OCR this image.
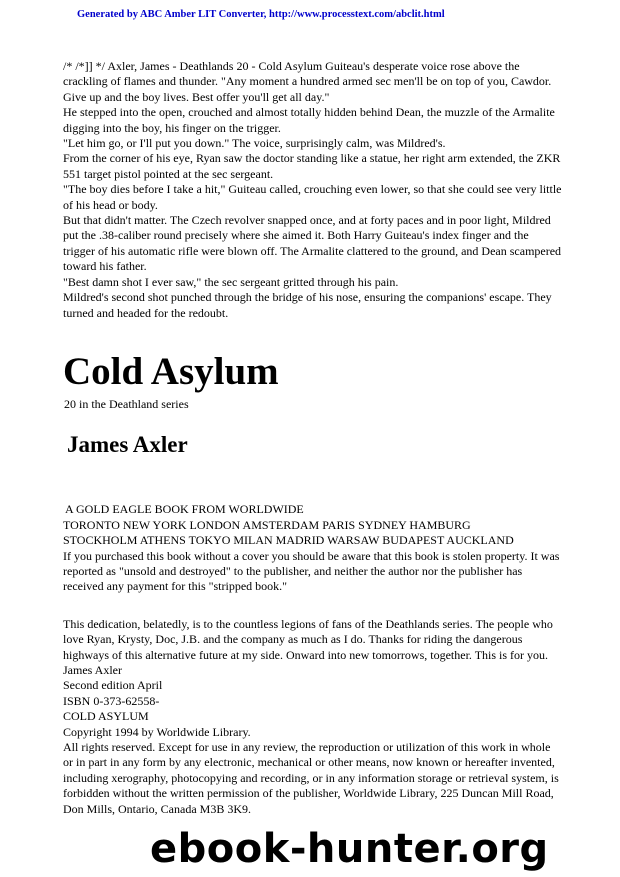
Generated by ABC Amber LIT Converter, http://www.processtext.com/abclit.html

/* /*]] */ Axler, James - Deathlands 20 - Cold Asylum Guiteau's desperate voice rose above the crackling of flames and thunder. "Any moment a hundred armed sec men'll be on top of you, Cawdor. Give up and the boy lives. Best offer you'll get all day."

He stepped into the open, crouched and almost totally hidden behind Dean, the muzzle of the Armalite digging into the boy, his finger on the trigger.

"Let him go, or I'll put you down." The voice, surprisingly calm, was Mildred's.

From the corner of his eye, Ryan saw the doctor standing like a statue, her right arm extended, the ZKR 551 target pistol pointed at the sec sergeant.

"The boy dies before I take a hit," Guiteau called, crouching even lower, so that she could see very little of his head or body.

But that didn't matter. The Czech revolver snapped once, and at forty paces and in poor light, Mildred put the .38-caliber round precisely where she aimed it. Both Harry Guiteau's index finger and the trigger of his automatic rifle were blown off. The Armalite clattered to the ground, and Dean scampered toward his father.

"Best damn shot I ever saw," the sec sergeant gritted through his pain.

Mildred's second shot punched through the bridge of his nose, ensuring the companions' escape. They turned and headed for the redoubt.

Cold Asylum

20 in the Deathland series

James Axler

A GOLD EAGLE BOOK FROM WORLDWIDE

TORONTO NEW YORK LONDON AMSTERDAM PARIS SYDNEY HAMBURG

STOCKHOLM ATHENS TOKYO MILAN MADRID WARSAW BUDAPEST AUCKLAND

If you purchased this book without a cover you should be aware that this book is stolen property. It was reported as "unsold and destroyed" to the publisher, and neither the author nor the publisher has received any payment for this "stripped book."

This dedication, belatedly, is to the countless legions of fans of the Deathlands series. The people who love Ryan, Krysty, Doc, J.B. and the company as much as I do. Thanks for riding the dangerous highways of this alternative future at my side. Onward into new tomorrows, together. This is for you.

James Axler

Second edition April

ISBN 0-373-62558-

COLD ASYLUM

Copyright 1994 by Worldwide Library.

All rights reserved. Except for use in any review, the reproduction or utilization of this work in whole or in part in any form by any electronic, mechanical or other means, now known or hereafter invented, including xerography, photocopying and recording, or in any information storage or retrieval system, is forbidden without the written permission of the publisher, Worldwide Library, 225 Duncan Mill Road, Don Mills, Ontario, Canada M3B 3K9.

ebook-hunter.org
